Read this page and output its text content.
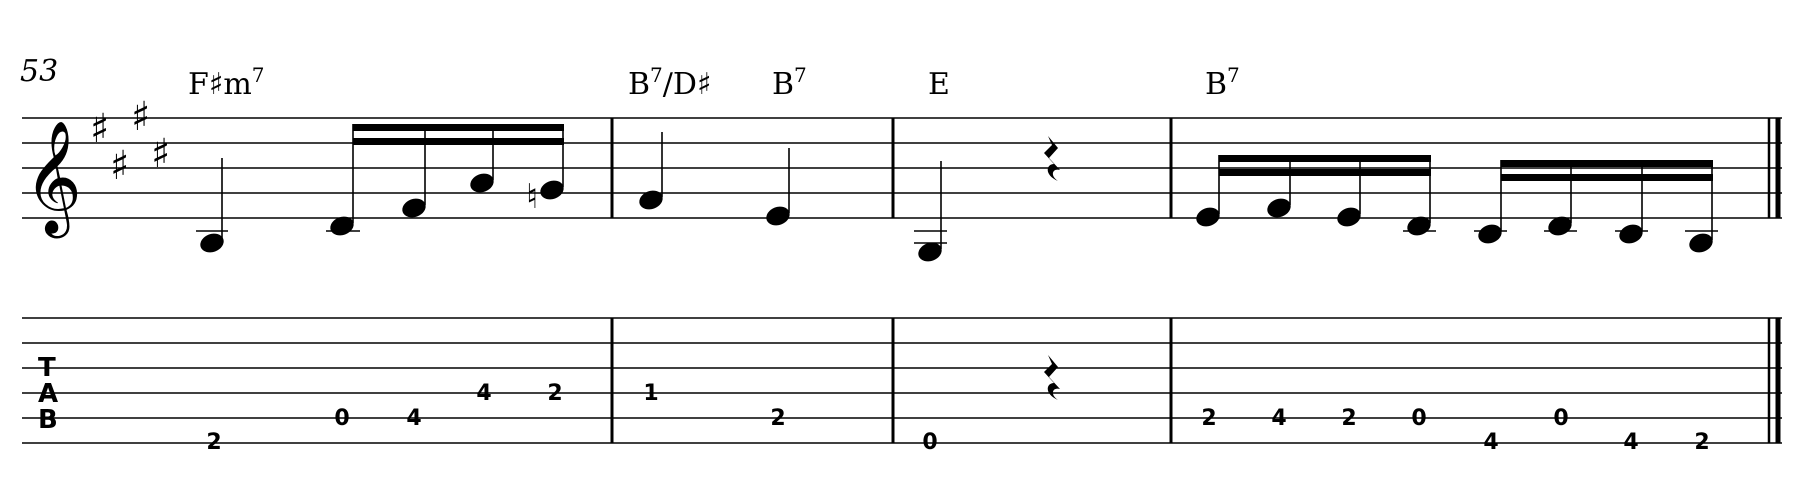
53	$F♯m^7$	$B^7/D♯$ $B^7$	E	$B^7$
𝄞 ♯
♯
♯
♯
♮
T
A
B
2
0	4
4	2	1
2
0
2 4 2 0
4
0
4	2
